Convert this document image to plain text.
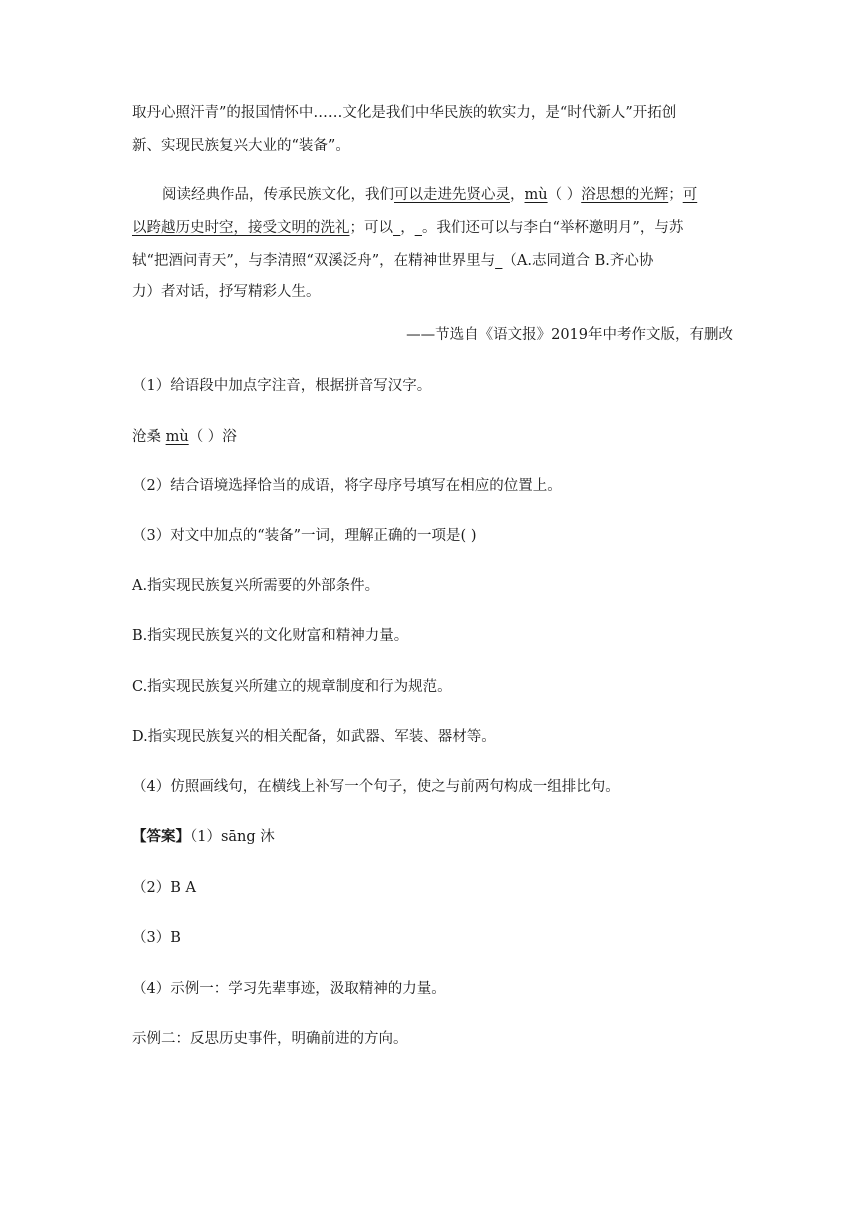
取丹心照汗青”的报国情怀中……文化是我们中华民族的软实力，是“时代新人”开拓创
新、实现民族复兴大业的“装备”。
阅读经典作品，传承民族文化，我们可以走进先贤心灵，mù（ ）浴思想的光辉；可
以跨越历史时空，接受文明的洗礼；可以_，_。我们还可以与李白“举杯邀明月”，与苏
轼“把酒问青天”，与李清照“双溪泛舟”，在精神世界里与_（A.志同道合 B.齐心协
力）者对话，抒写精彩人生。
——节选自《语文报》2019年中考作文版，有删改
（1）给语段中加点字注音，根据拼音写汉字。
沧桑 mù（ ）浴
（2）结合语境选择恰当的成语，将字母序号填写在相应的位置上。
（3）对文中加点的“装备”一词，理解正确的一项是( )
A.指实现民族复兴所需要的外部条件。
B.指实现民族复兴的文化财富和精神力量。
C.指实现民族复兴所建立的规章制度和行为规范。
D.指实现民族复兴的相关配备，如武器、军装、器材等。
（4）仿照画线句，在横线上补写一个句子，使之与前两句构成一组排比句。
【答案】（1）sāng 沐
（2）B A
（3）B
（4）示例一：学习先辈事迹，汲取精神的力量。
示例二：反思历史事件，明确前进的方向。
